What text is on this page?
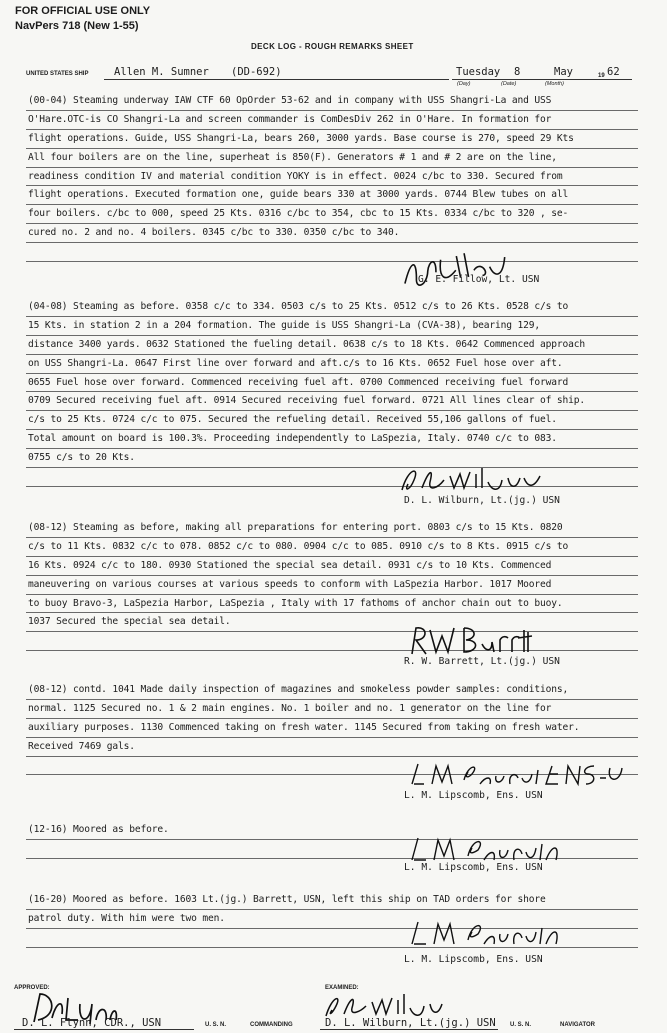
FOR OFFICIAL USE ONLY
NavPers 718 (New 1-55)
DECK LOG - ROUGH REMARKS SHEET
UNITED STATES SHIP Allen M. Sumner (DD-692)	Tuesday 8	May	19 62
(Day)	(Date)	(Month)
(00-04) Steaming underway IAW CTF 60 OpOrder 53-62 and in company with USS Shangri-La and USS
O'Hare.OTC-is CO Shangri-La and screen commander is ComDesDiv 262 in O'Hare. In formation for
flight operations. Guide, USS Shangri-La, bears 260, 3000 yards. Base course is 270, speed 29 Kts
All four boilers are on the line, superheat is 850(F). Generators # 1 and # 2 are on the line,
readiness condition IV and material condition YOKY is in effect. 0024 c/bc to 330. Secured from
flight operations. Executed formation one, guide bears 330 at 3000 yards. 0744 Blew tubes on all
four boilers. c/bc to 000, speed 25 Kts. 0316 c/bc to 354, cbc to 15 Kts. 0334 c/bc to 320 , se-
cured no. 2 and no. 4 boilers. 0345 c/bc to 330. 0350 c/bc to 340.
G. E. Fillow, Lt. USN
(04-08) Steaming as before. 0358 c/c to 334. 0503 c/s to 25 Kts. 0512 c/s to 26 Kts. 0528 c/s to
15 Kts. in station 2 in a 204 formation. The guide is USS Shangri-La (CVA-38), bearing 129,
distance 3400 yards. 0632 Stationed the fueling detail. 0638 c/s to 18 Kts. 0642 Commenced approach
on USS Shangri-La. 0647 First line over forward and aft.c/s to 16 Kts. 0652 Fuel hose over aft.
0655 Fuel hose over forward. Commenced receiving fuel aft. 0700 Commenced receiving fuel forward
0709 Secured receiving fuel aft. 0914 Secured receiving fuel forward. 0721 All lines clear of ship.
c/s to 25 Kts. 0724 c/c to 075. Secured the refueling detail. Received 55,106 gallons of fuel.
Total amount on board is 100.3%. Proceeding independently to LaSpezia, Italy. 0740 c/c to 083.
0755 c/s to 20 Kts.
D. L. Wilburn, Lt.(jg.) USN
(08-12) Steaming as before, making all preparations for entering port. 0803 c/s to 15 Kts. 0820
c/s to 11 Kts. 0832 c/c to 078. 0852 c/c to 080. 0904 c/c to 085. 0910 c/s to 8 Kts. 0915 c/s to
16 Kts. 0924 c/c to 180. 0930 Stationed the special sea detail. 0931 c/s to 10 Kts. Commenced
maneuvering on various courses at various speeds to conform with LaSpezia Harbor. 1017 Moored
to buoy Bravo-3, LaSpezia Harbor, LaSpezia , Italy with 17 fathoms of anchor chain out to buoy.
1037 Secured the special sea detail.
R. W. Barrett, Lt.(jg.) USN
(08-12) contd. 1041 Made daily inspection of magazines and smokeless powder samples: conditions,
normal. 1125 Secured no. 1 & 2 main engines. No. 1 boiler and no. 1 generator on the line for
auxiliary purposes. 1130 Commenced taking on fresh water. 1145 Secured from taking on fresh water.
Received 7469 gals.
L. M. Lipscomb, Ens. USN
(12-16) Moored as before.
L. M. Lipscomb, Ens. USN
(16-20) Moored as before. 1603 Lt.(jg.) Barrett, USN, left this ship on TAD orders for shore
patrol duty. With him were two men.
L. M. Lipscomb, Ens. USN
APPROVED:
D. L. Flynn, CDR., USN	U. S. N.	COMMANDING
EXAMINED:
D. L. Wilburn, Lt.(jg.) USN U. S. N.	NAVIGATOR
